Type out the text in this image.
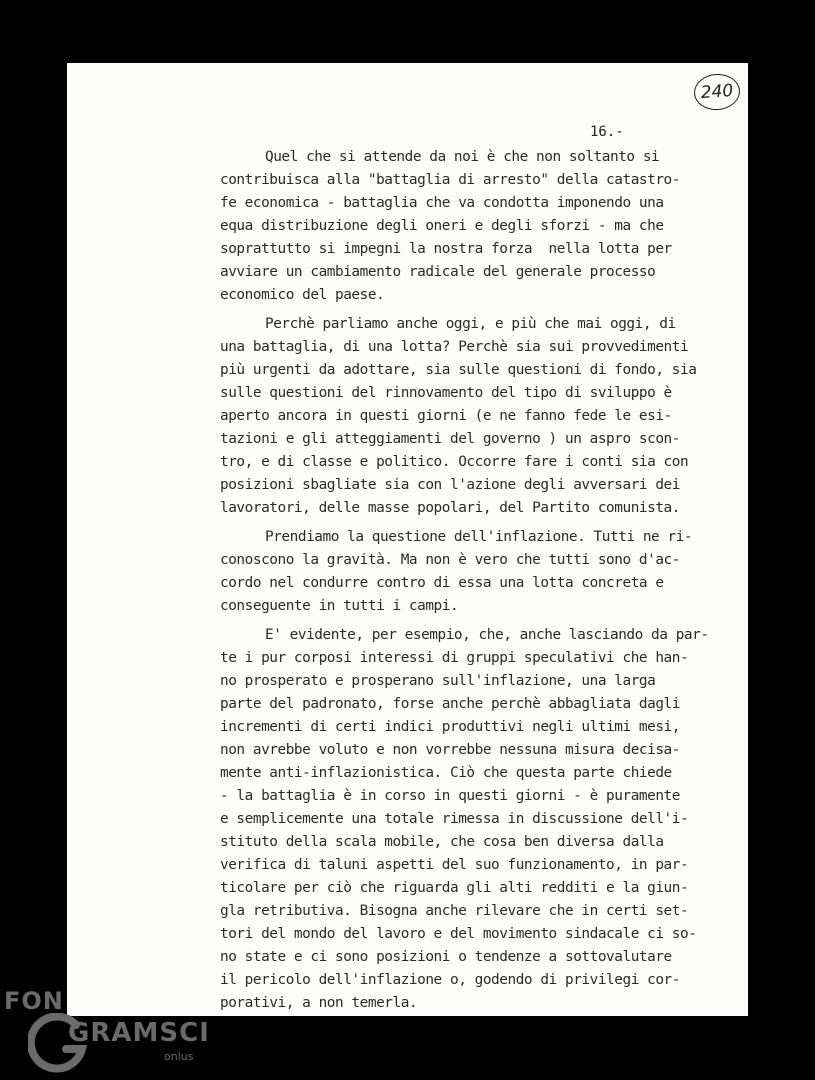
240
16.-

Quel che si attende da noi è che non soltanto si

contribuisca alla "battaglia di arresto" della catastro-

fe economica - battaglia che va condotta imponendo una

equa distribuzione degli oneri e degli sforzi - ma che

soprattutto si impegni la nostra forza  nella lotta per

avviare un cambiamento radicale del generale processo

economico del paese.

Perchè parliamo anche oggi, e più che mai oggi, di

una battaglia, di una lotta? Perchè sia sui provvedimenti

più urgenti da adottare, sia sulle questioni di fondo, sia

sulle questioni del rinnovamento del tipo di sviluppo è

aperto ancora in questi giorni (e ne fanno fede le esi-

tazioni e gli atteggiamenti del governo ) un aspro scon-

tro, e di classe e politico. Occorre fare i conti sia con

posizioni sbagliate sia con l'azione degli avversari dei

lavoratori, delle masse popolari, del Partito comunista.

Prendiamo la questione dell'inflazione. Tutti ne ri-

conoscono la gravità. Ma non è vero che tutti sono d'ac-

cordo nel condurre contro di essa una lotta concreta e

conseguente in tutti i campi.

E' evidente, per esempio, che, anche lasciando da par-

te i pur corposi interessi di gruppi speculativi che han-

no prosperato e prosperano sull'inflazione, una larga

parte del padronato, forse anche perchè abbagliata dagli

incrementi di certi indici produttivi negli ultimi mesi,

non avrebbe voluto e non vorrebbe nessuna misura decisa-

mente anti-inflazionistica. Ciò che questa parte chiede

- la battaglia è in corso in questi giorni - è puramente

e semplicemente una totale rimessa in discussione dell'i-

stituto della scala mobile, che cosa ben diversa dalla

verifica di taluni aspetti del suo funzionamento, in par-

ticolare per ciò che riguarda gli alti redditi e la giun-

gla retributiva. Bisogna anche rilevare che in certi set-

tori del mondo del lavoro e del movimento sindacale ci so-

no state e ci sono posizioni o tendenze a sottovalutare

il pericolo dell'inflazione o, godendo di privilegi cor-

porativi, a non temerla.

FON
GRAMSCI
onlus
